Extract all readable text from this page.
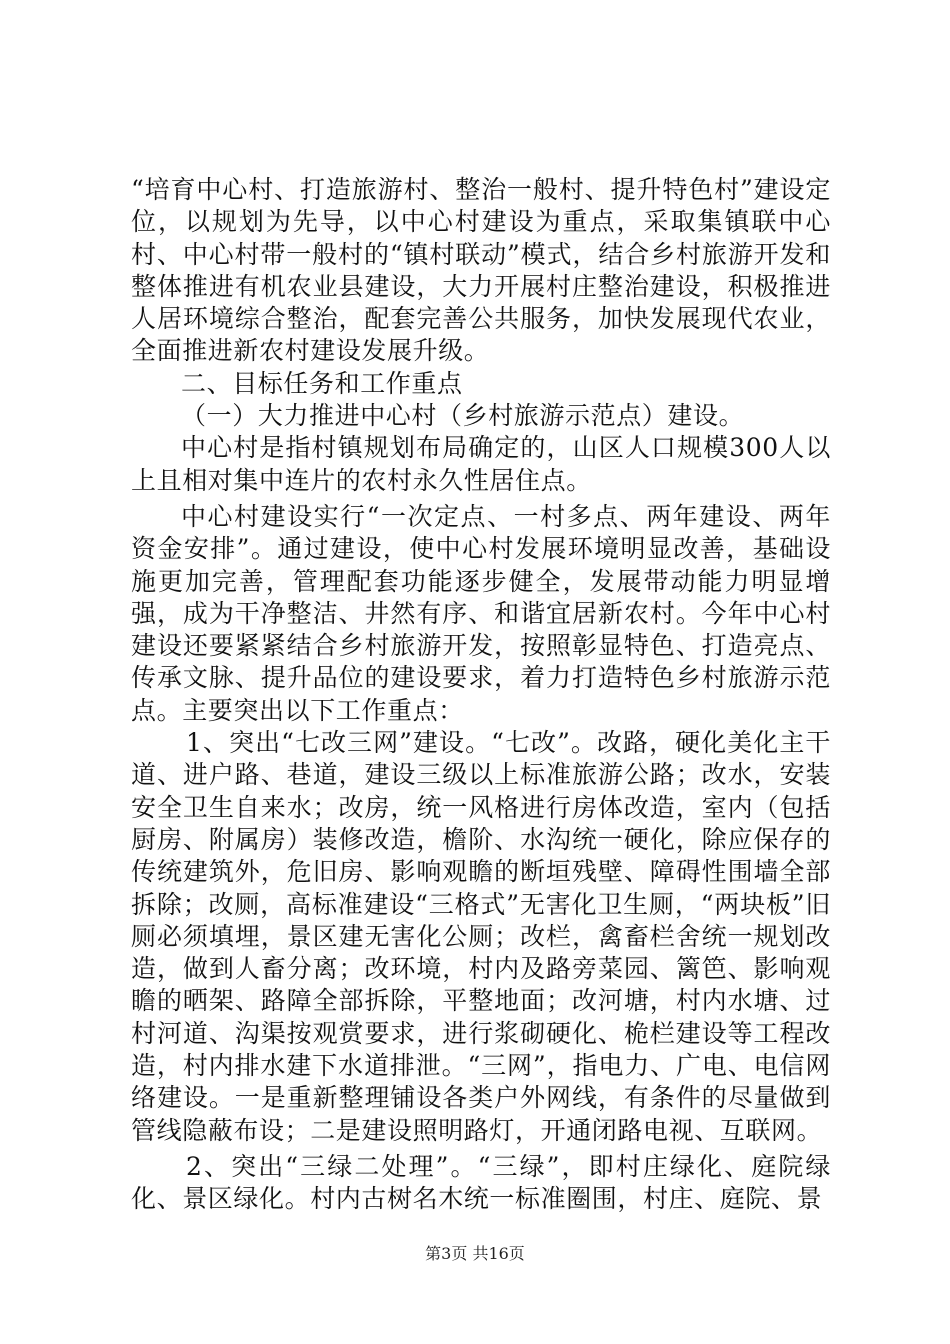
“培育中心村、打造旅游村、整治一般村、提升特色村”建设定位，以规划为先导，以中心村建设为重点，采取集镇联中心村、中心村带一般村的“镇村联动”模式，结合乡村旅游开发和整体推进有机农业县建设，大力开展村庄整治建设，积极推进人居环境综合整治，配套完善公共服务，加快发展现代农业，全面推进新农村建设发展升级。

二、目标任务和工作重点

（一）大力推进中心村（乡村旅游示范点）建设。

中心村是指村镇规划布局确定的，山区人口规模300人以上且相对集中连片的农村永久性居住点。

中心村建设实行“一次定点、一村多点、两年建设、两年资金安排”。通过建设，使中心村发展环境明显改善，基础设施更加完善，管理配套功能逐步健全，发展带动能力明显增强，成为干净整洁、井然有序、和谐宜居新农村。今年中心村建设还要紧紧结合乡村旅游开发，按照彰显特色、打造亮点、传承文脉、提升品位的建设要求，着力打造特色乡村旅游示范点。主要突出以下工作重点：

1、突出“七改三网”建设。“七改”。改路，硬化美化主干道、进户路、巷道，建设三级以上标准旅游公路；改水，安装安全卫生自来水；改房，统一风格进行房体改造，室内（包括厨房、附属房）装修改造，檐阶、水沟统一硬化，除应保存的传统建筑外，危旧房、影响观瞻的断垣残壁、障碍性围墙全部拆除；改厕，高标准建设“三格式”无害化卫生厕，“两块板”旧厕必须填埋，景区建无害化公厕；改栏，禽畜栏舍统一规划改造，做到人畜分离；改环境，村内及路旁菜园、篱笆、影响观瞻的晒架、路障全部拆除，平整地面；改河塘，村内水塘、过村河道、沟渠按观赏要求，进行浆砌硬化、桅栏建设等工程改造，村内排水建下水道排泄。“三网”，指电力、广电、电信网络建设。一是重新整理铺设各类户外网线，有条件的尽量做到管线隐蔽布设；二是建设照明路灯，开通闭路电视、互联网。

2、突出“三绿二处理”。“三绿”，即村庄绿化、庭院绿化、景区绿化。村内古树名木统一标准圈围，村庄、庭院、景

第3页 共16页
